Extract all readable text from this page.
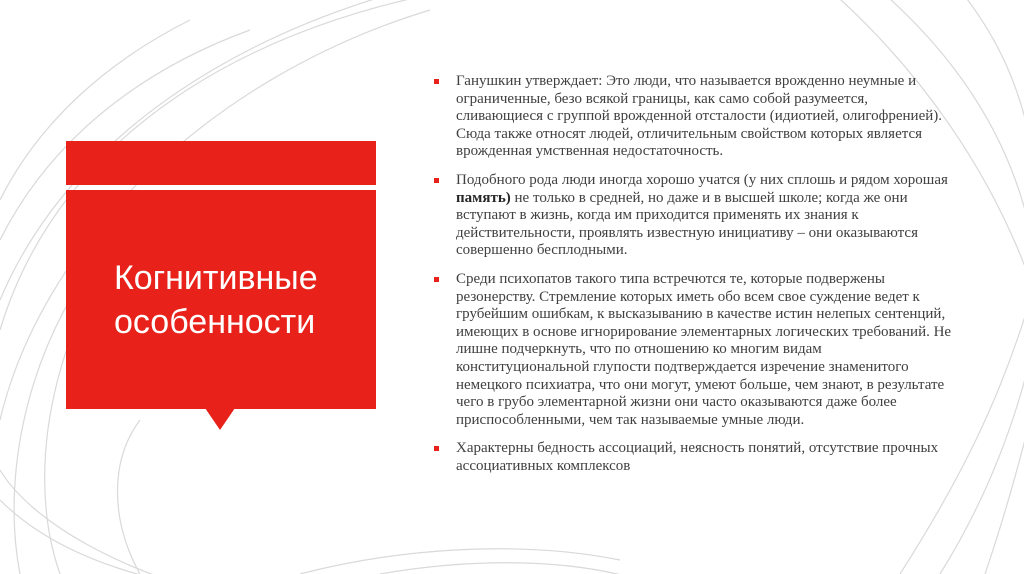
Когнитивные особенности
Ганушкин утверждает: Это люди, что называется врожденно неумные и ограниченные, безо всякой границы, как само собой разумеется, сливающиеся с группой врожденной отсталости (идиотией, олигофренией). Сюда также относят людей, отличительным свойством которых является врожденная умственная недостаточность.
Подобного рода люди иногда хорошо учатся (у них сплошь и рядом хорошая память) не только в средней, но даже и в высшей школе; когда же они вступают в жизнь, когда им приходится применять их знания к действительности, проявлять известную инициативу – они оказываются совершенно бесплодными.
Среди психопатов такого типа встречются те, которые подвержены резонерству. Стремление которых иметь обо всем свое суждение ведет к грубейшим ошибкам, к высказыванию в качестве истин нелепых сентенций, имеющих в основе игнорирование элементарных логических требований. Не лишне подчеркнуть, что по отношению ко многим видам конституциональной глупости подтверждается изречение знаменитого немецкого психиатра, что они могут, умеют больше, чем знают, в результате чего в грубо элементарной жизни они часто оказываются даже более приспособленными, чем так называемые умные люди.
Характерны бедность ассоциаций, неясность понятий, отсутствие прочных ассоциативных комплексов
